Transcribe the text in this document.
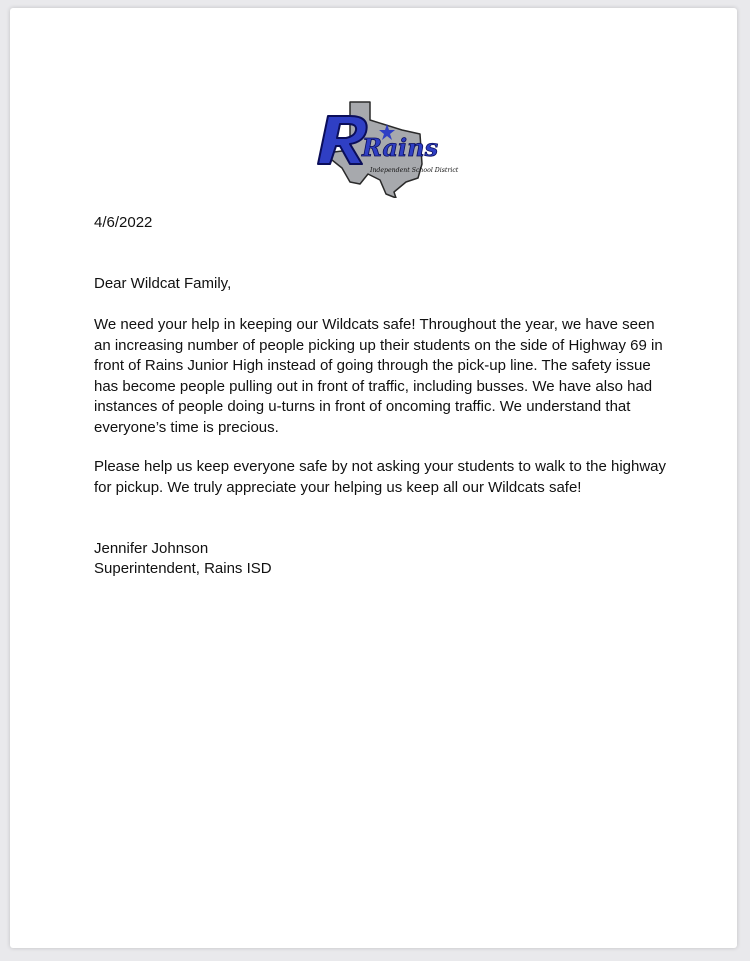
Rains
Independent School District

4/6/2022

Dear Wildcat Family,

We need your help in keeping our Wildcats safe! Throughout the year, we have seen an increasing number of people picking up their students on the side of Highway 69 in front of Rains Junior High instead of going through the pick-up line. The safety issue has become people pulling out in front of traffic, including busses. We have also had instances of people doing u-turns in front of oncoming traffic. We understand that everyone’s time is precious.

Please help us keep everyone safe by not asking your students to walk to the highway for pickup. We truly appreciate your helping us keep all our Wildcats safe!

Jennifer Johnson

Superintendent, Rains ISD
